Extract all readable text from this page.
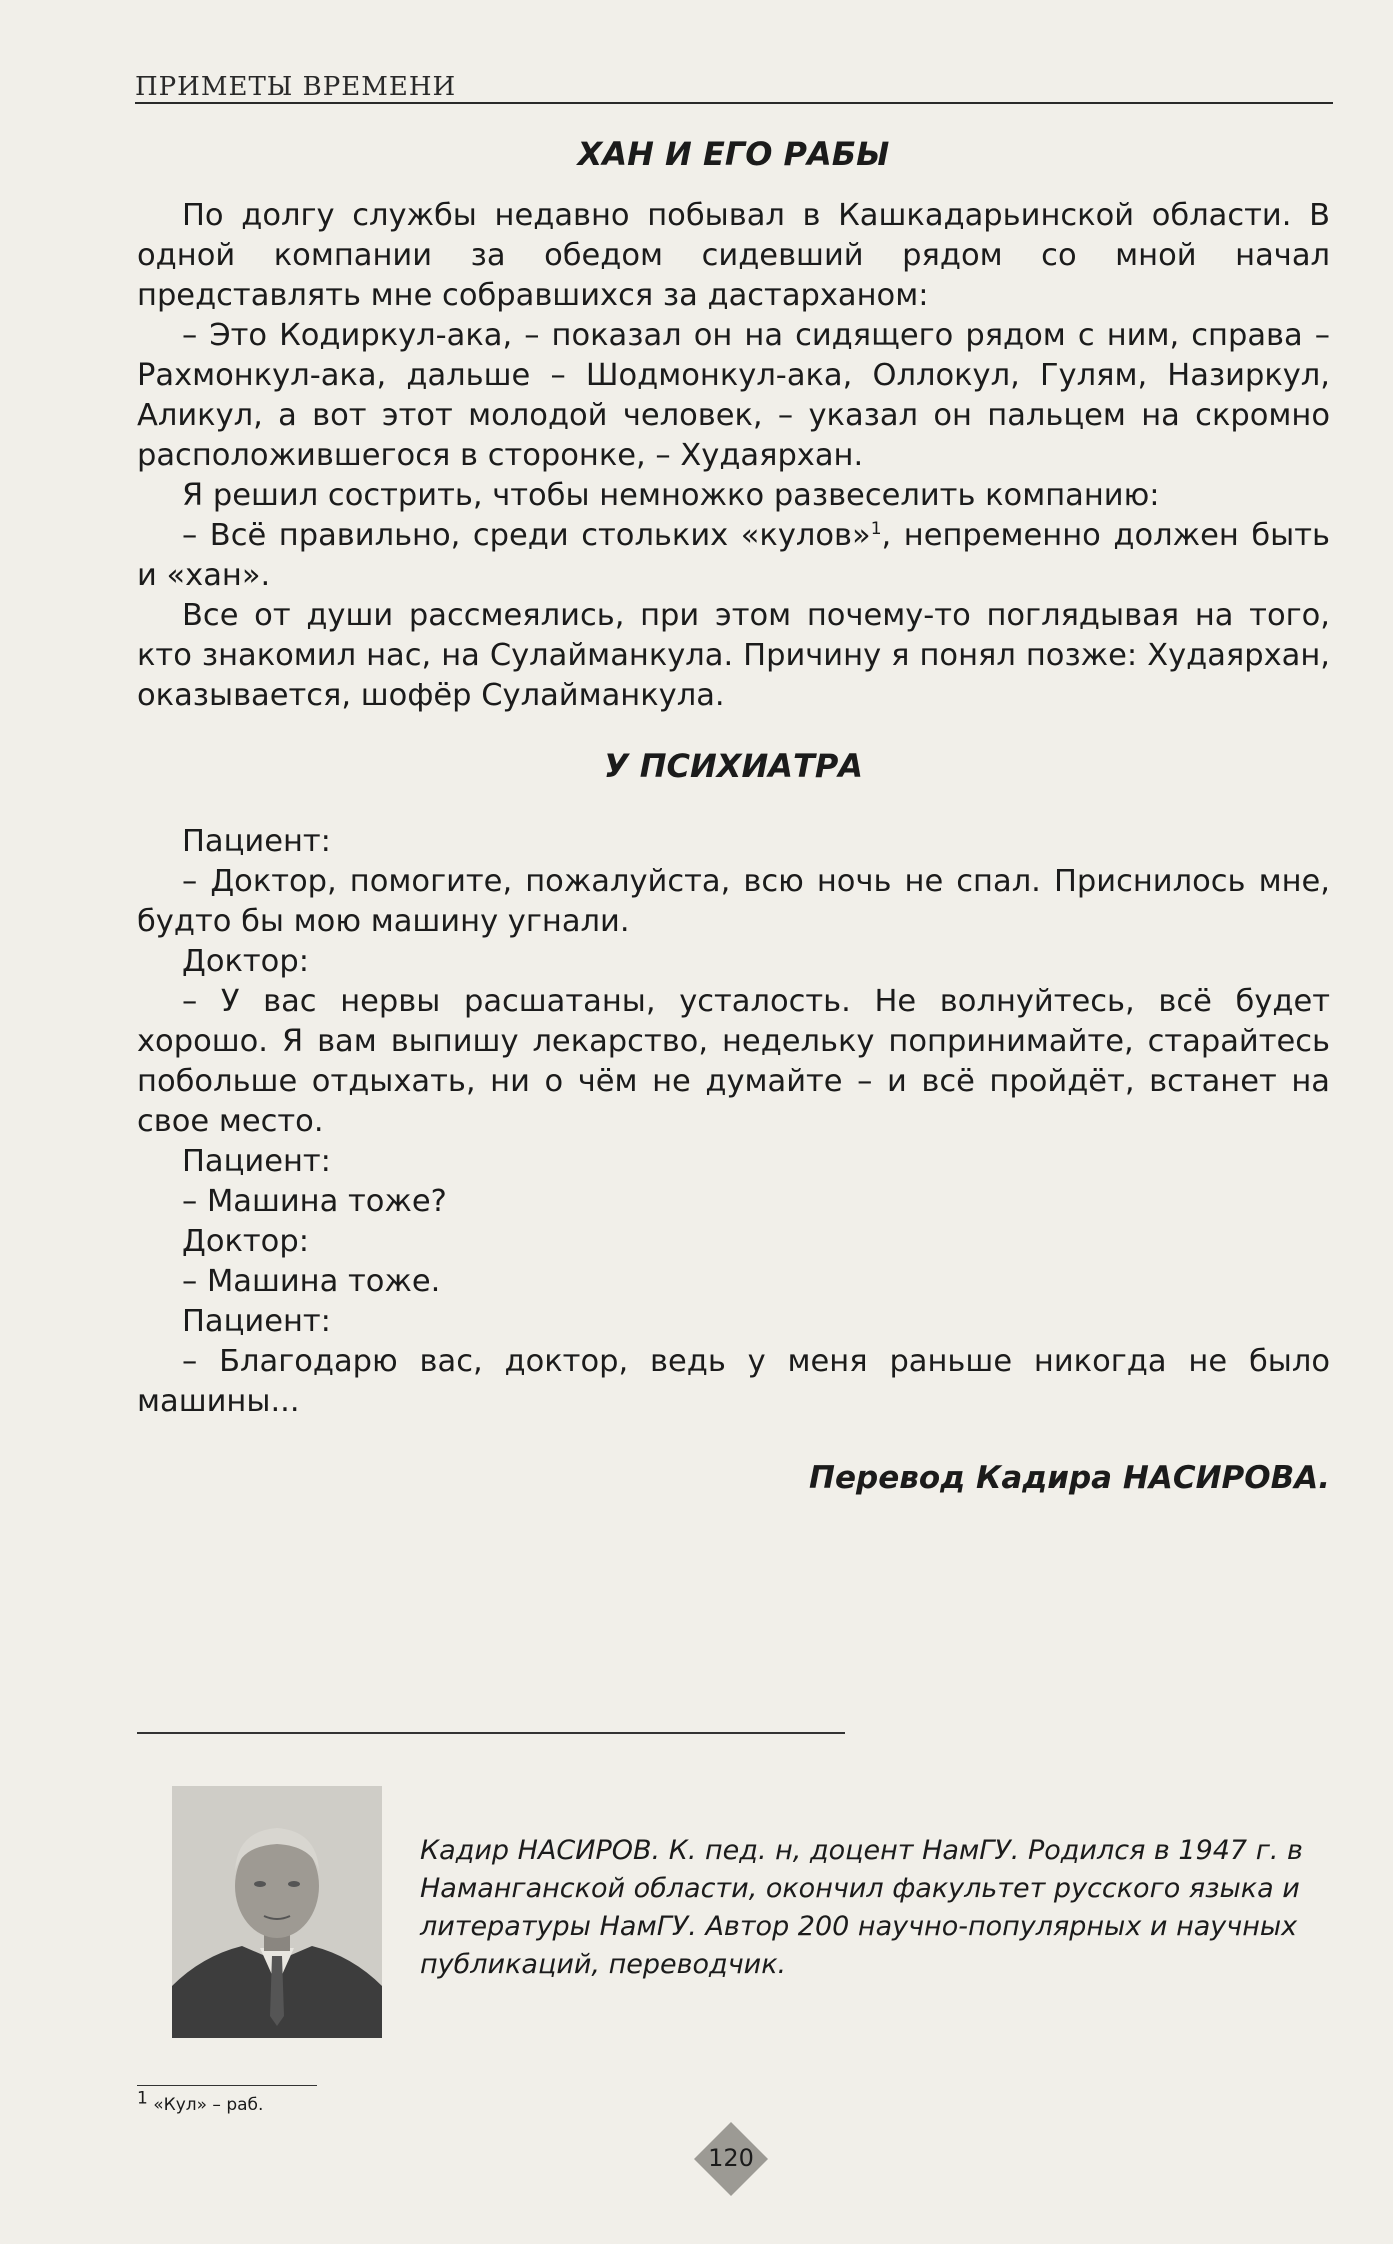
ПРИМЕТЫ ВРЕМЕНИ
ХАН И ЕГО РАБЫ

По долгу службы недавно побывал в Кашкадарьинской области. В одной компании за обедом сидевший рядом со мной начал представлять мне собравшихся за дастарханом:

– Это Кодиркул-ака, – показал он на сидящего рядом с ним, справа – Рахмонкул-ака, дальше – Шодмонкул-ака, Оллокул, Гулям, Назиркул, Аликул, а вот этот молодой человек, – указал он пальцем на скромно расположившегося в сторонке, – Худаярхан.

Я решил сострить, чтобы немножко развеселить компанию:

– Всё правильно, среди стольких «кулов»$^1$, непременно должен быть и «хан».

Все от души рассмеялись, при этом почему-то поглядывая на того, кто знакомил нас, на Сулайманкула. Причину я понял позже: Худаярхан, оказывается, шофёр Сулайманкула.

У ПСИХИАТРА

Пациент:

– Доктор, помогите, пожалуйста, всю ночь не спал. Приснилось мне, будто бы мою машину угнали.

Доктор:

– У вас нервы расшатаны, усталость. Не волнуйтесь, всё будет хорошо. Я вам выпишу лекарство, недельку попринимайте, старайтесь побольше отдыхать, ни о чём не думайте – и всё пройдёт, встанет на свое место.

Пациент:

– Машина тоже?

Доктор:

– Машина тоже.

Пациент:

– Благодарю вас, доктор, ведь у меня раньше никогда не было машины...

Перевод Кадира НАСИРОВА.
Кадир НАСИРОВ. К. пед. н, доцент НамГУ. Родился в 1947 г. в Наманганской области, окончил факультет русского языка и литературы НамГУ. Автор 200 научно-популярных и научных публикаций, переводчик.
$^1$ «Кул» – раб.
120
